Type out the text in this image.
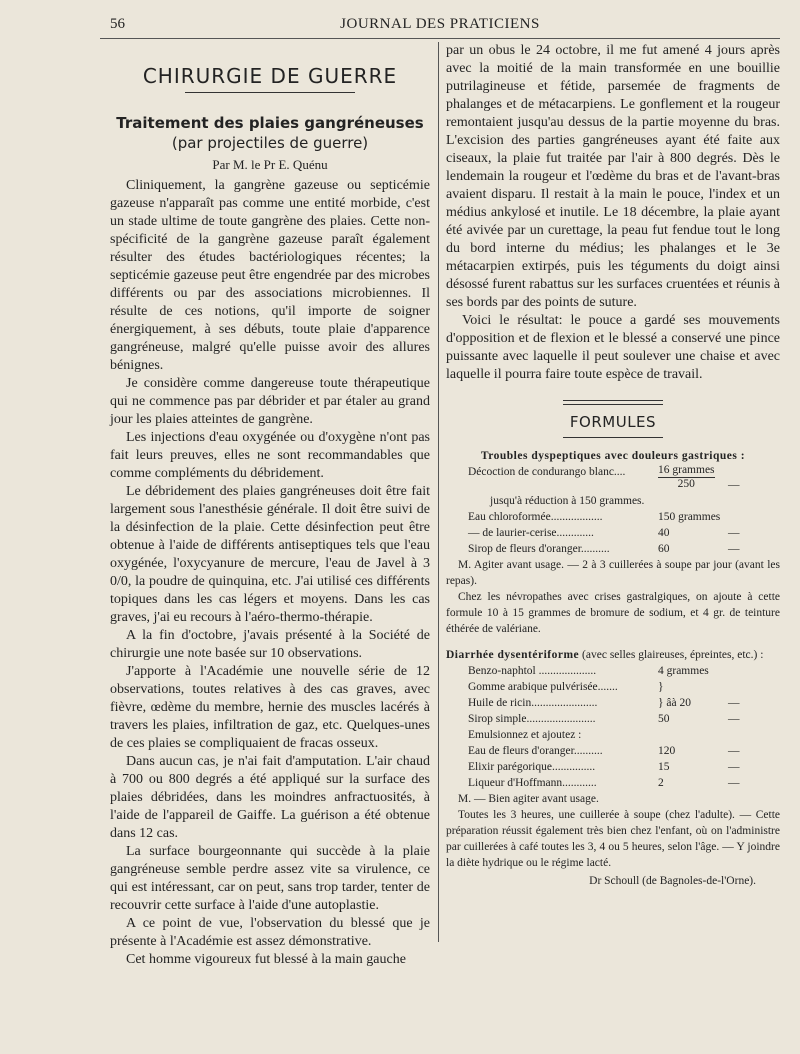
56	JOURNAL DES PRATICIENS
CHIRURGIE DE GUERRE
Traitement des plaies gangréneuses
(par projectiles de guerre)
Par M. le Pr E. Quénu

Cliniquement, la gangrène gazeuse ou septicémie gazeuse n'apparaît pas comme une entité morbide, c'est un stade ultime de toute gangrène des plaies. Cette non-spécificité de la gangrène gazeuse paraît également résulter des études bactériologiques récentes; la septicémie gazeuse peut être engendrée par des microbes différents ou par des associations microbiennes. Il résulte de ces notions, qu'il importe de soigner énergiquement, à ses débuts, toute plaie d'apparence gangréneuse, malgré qu'elle puisse avoir des allures bénignes.

Je considère comme dangereuse toute thérapeutique qui ne commence pas par débrider et par étaler au grand jour les plaies atteintes de gangrène.

Les injections d'eau oxygénée ou d'oxygène n'ont pas fait leurs preuves, elles ne sont recommandables que comme compléments du débridement.

Le débridement des plaies gangréneuses doit être fait largement sous l'anesthésie générale. Il doit être suivi de la désinfection de la plaie. Cette désinfection peut être obtenue à l'aide de différents antiseptiques tels que l'eau oxygénée, l'oxycyanure de mercure, l'eau de Javel à 3 0/0, la poudre de quinquina, etc. J'ai utilisé ces différents topiques dans les cas légers et moyens. Dans les cas graves, j'ai eu recours à l'aéro-thermo-thérapie.

A la fin d'octobre, j'avais présenté à la Société de chirurgie une note basée sur 10 observations.

J'apporte à l'Académie une nouvelle série de 12 observations, toutes relatives à des cas graves, avec fièvre, œdème du membre, hernie des muscles lacérés à travers les plaies, infiltration de gaz, etc. Quelques-unes de ces plaies se compliquaient de fracas osseux.

Dans aucun cas, je n'ai fait d'amputation. L'air chaud à 700 ou 800 degrés a été appliqué sur la surface des plaies débridées, dans les moindres anfractuosités, à l'aide de l'appareil de Gaiffe. La guérison a été obtenue dans 12 cas.

La surface bourgeonnante qui succède à la plaie gangréneuse semble perdre assez vite sa virulence, ce qui est intéressant, car on peut, sans trop tarder, tenter de recouvrir cette surface à l'aide d'une autoplastie.

A ce point de vue, l'observation du blessé que je présente à l'Académie est assez démonstrative.

Cet homme vigoureux fut blessé à la main gauche

par un obus le 24 octobre, il me fut amené 4 jours après avec la moitié de la main transformée en une bouillie putrilagineuse et fétide, parsemée de fragments de phalanges et de métacarpiens. Le gonflement et la rougeur remontaient jusqu'au dessus de la partie moyenne du bras. L'excision des parties gangréneuses ayant été faite aux ciseaux, la plaie fut traitée par l'air à 800 degrés. Dès le lendemain la rougeur et l'œdème du bras et de l'avant-bras avaient disparu. Il restait à la main le pouce, l'index et un médius ankylosé et inutile. Le 18 décembre, la plaie ayant été avivée par un curettage, la peau fut fendue tout le long du bord interne du médius; les phalanges et le 3e métacarpien extirpés, puis les téguments du doigt ainsi désossé furent rabattus sur les surfaces cruentées et réunis à ses bords par des points de suture.

Voici le résultat: le pouce a gardé ses mouvements d'opposition et de flexion et le blessé a conservé une pince puissante avec laquelle il peut soulever une chaise et avec laquelle il pourra faire toute espèce de travail.

FORMULES
Troubles dyspeptiques avec douleurs gastriques :
Décoction de condurango blanc....	$\frac{\text{16 grammes}}{250}$ —
jusqu'à réduction à 150 grammes.
Eau chloroformée..................	150 grammes
— de laurier-cerise.............	40	—
Sirop de fleurs d'oranger..........	60	—

M. Agiter avant usage. — 2 à 3 cuillerées à soupe par jour (avant les repas).

Chez les névropathes avec crises gastralgiques, on ajoute à cette formule 10 à 15 grammes de bromure de sodium, et 4 gr. de teinture éthérée de valériane.

Diarrhée dysentériforme (avec selles glaireuses, épreintes, etc.) :
Benzo-naphtol ....................	4 grammes
Gomme arabique pulvérisée.......	}
Huile de ricin.......................	} âà 20	—
Sirop simple........................	50	—
Emulsionnez et ajoutez :
Eau de fleurs d'oranger..........	120	—
Elixir parégorique...............	15	—
Liqueur d'Hoffmann............	2	—

M. — Bien agiter avant usage.

Toutes les 3 heures, une cuillerée à soupe (chez l'adulte). — Cette préparation réussit également très bien chez l'enfant, où on l'administre par cuillerées à café toutes les 3, 4 ou 5 heures, selon l'âge. — Y joindre la diète hydrique ou le régime lacté.

Dr Schoull (de Bagnoles-de-l'Orne).
